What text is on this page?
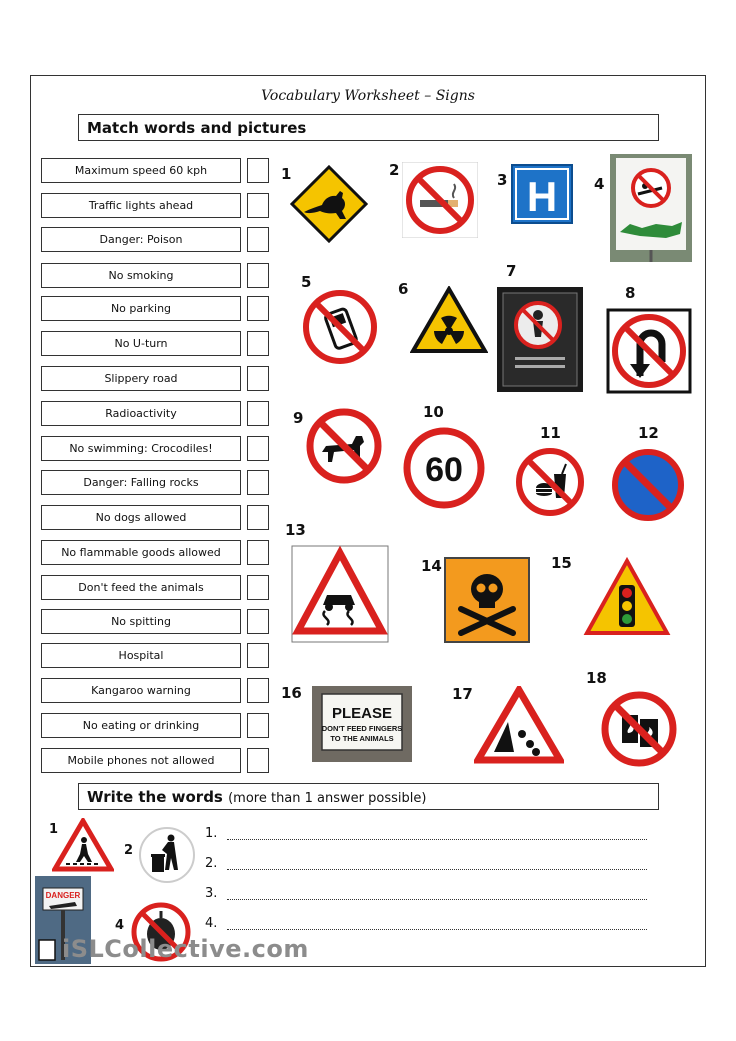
Vocabulary Worksheet – Signs
Match words and pictures
Maximum speed 60 kph
Traffic lights ahead
Danger: Poison
No smoking
No parking
No U-turn
Slippery road
Radioactivity
No swimming: Crocodiles!
Danger: Falling rocks
No dogs allowed
No flammable goods allowed
Don't feed the animals
No spitting
Hospital
Kangaroo warning
No eating or drinking
Mobile phones not allowed
1	2
3	4
5	6
7
8
9	10
11	12
13
14	15
16	17
18
H
60
PLEASE
DON'T FEED FINGERS
TO THE ANIMALS
Write the words (more than 1 answer possible)
1
2
DANGER
4
1.
2.
3.
4.
iSLCollective.com
